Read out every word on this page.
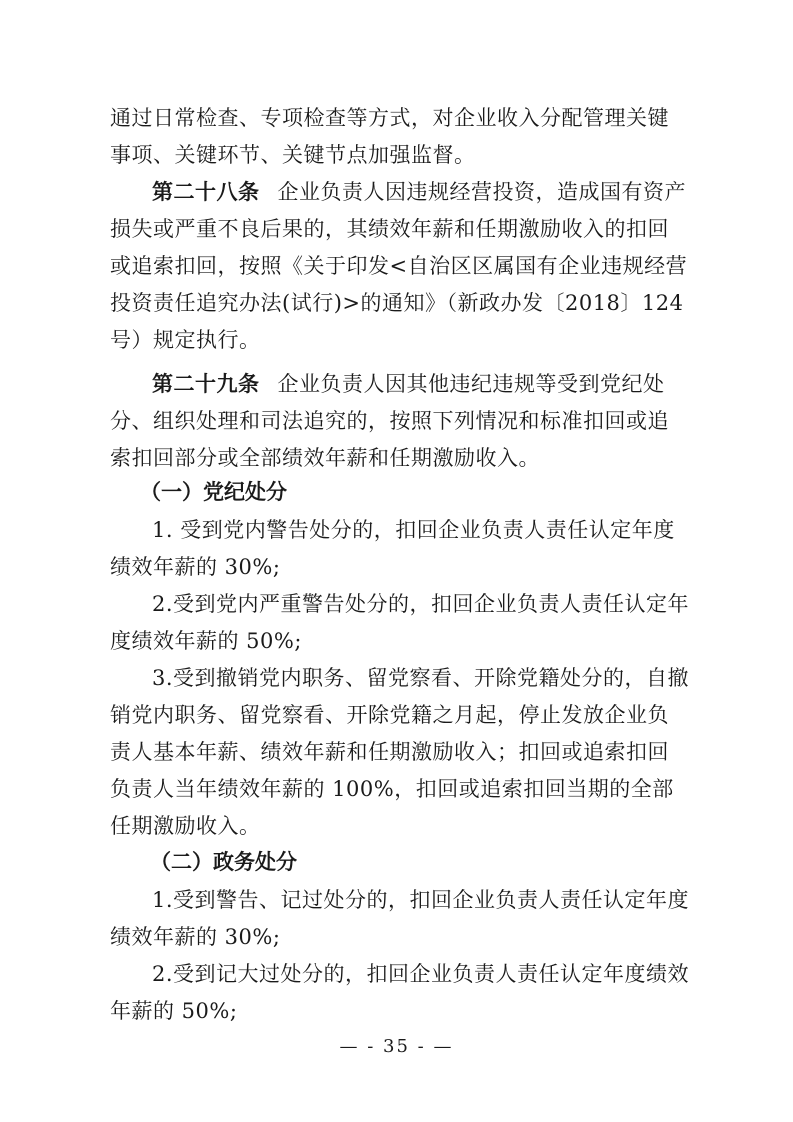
通过日常检查、专项检查等方式，对企业收入分配管理关键事项、关键环节、关键节点加强监督。

第二十八条 企业负责人因违规经营投资，造成国有资产损失或严重不良后果的，其绩效年薪和任期激励收入的扣回或追索扣回，按照《关于印发<自治区区属国有企业违规经营投资责任追究办法(试行)>的通知》（新政办发〔2018〕124号）规定执行。

第二十九条 企业负责人因其他违纪违规等受到党纪处分、组织处理和司法追究的，按照下列情况和标准扣回或追索扣回部分或全部绩效年薪和任期激励收入。

（一）党纪处分

1. 受到党内警告处分的，扣回企业负责人责任认定年度绩效年薪的 30%;

2.受到党内严重警告处分的，扣回企业负责人责任认定年度绩效年薪的 50%;

3.受到撤销党内职务、留党察看、开除党籍处分的，自撤销党内职务、留党察看、开除党籍之月起，停止发放企业负责人基本年薪、绩效年薪和任期激励收入；扣回或追索扣回负责人当年绩效年薪的 100%，扣回或追索扣回当期的全部任期激励收入。

（二）政务处分

1.受到警告、记过处分的，扣回企业负责人责任认定年度绩效年薪的 30%;

2.受到记大过处分的，扣回企业负责人责任认定年度绩效年薪的 50%;

— - 35 - —
